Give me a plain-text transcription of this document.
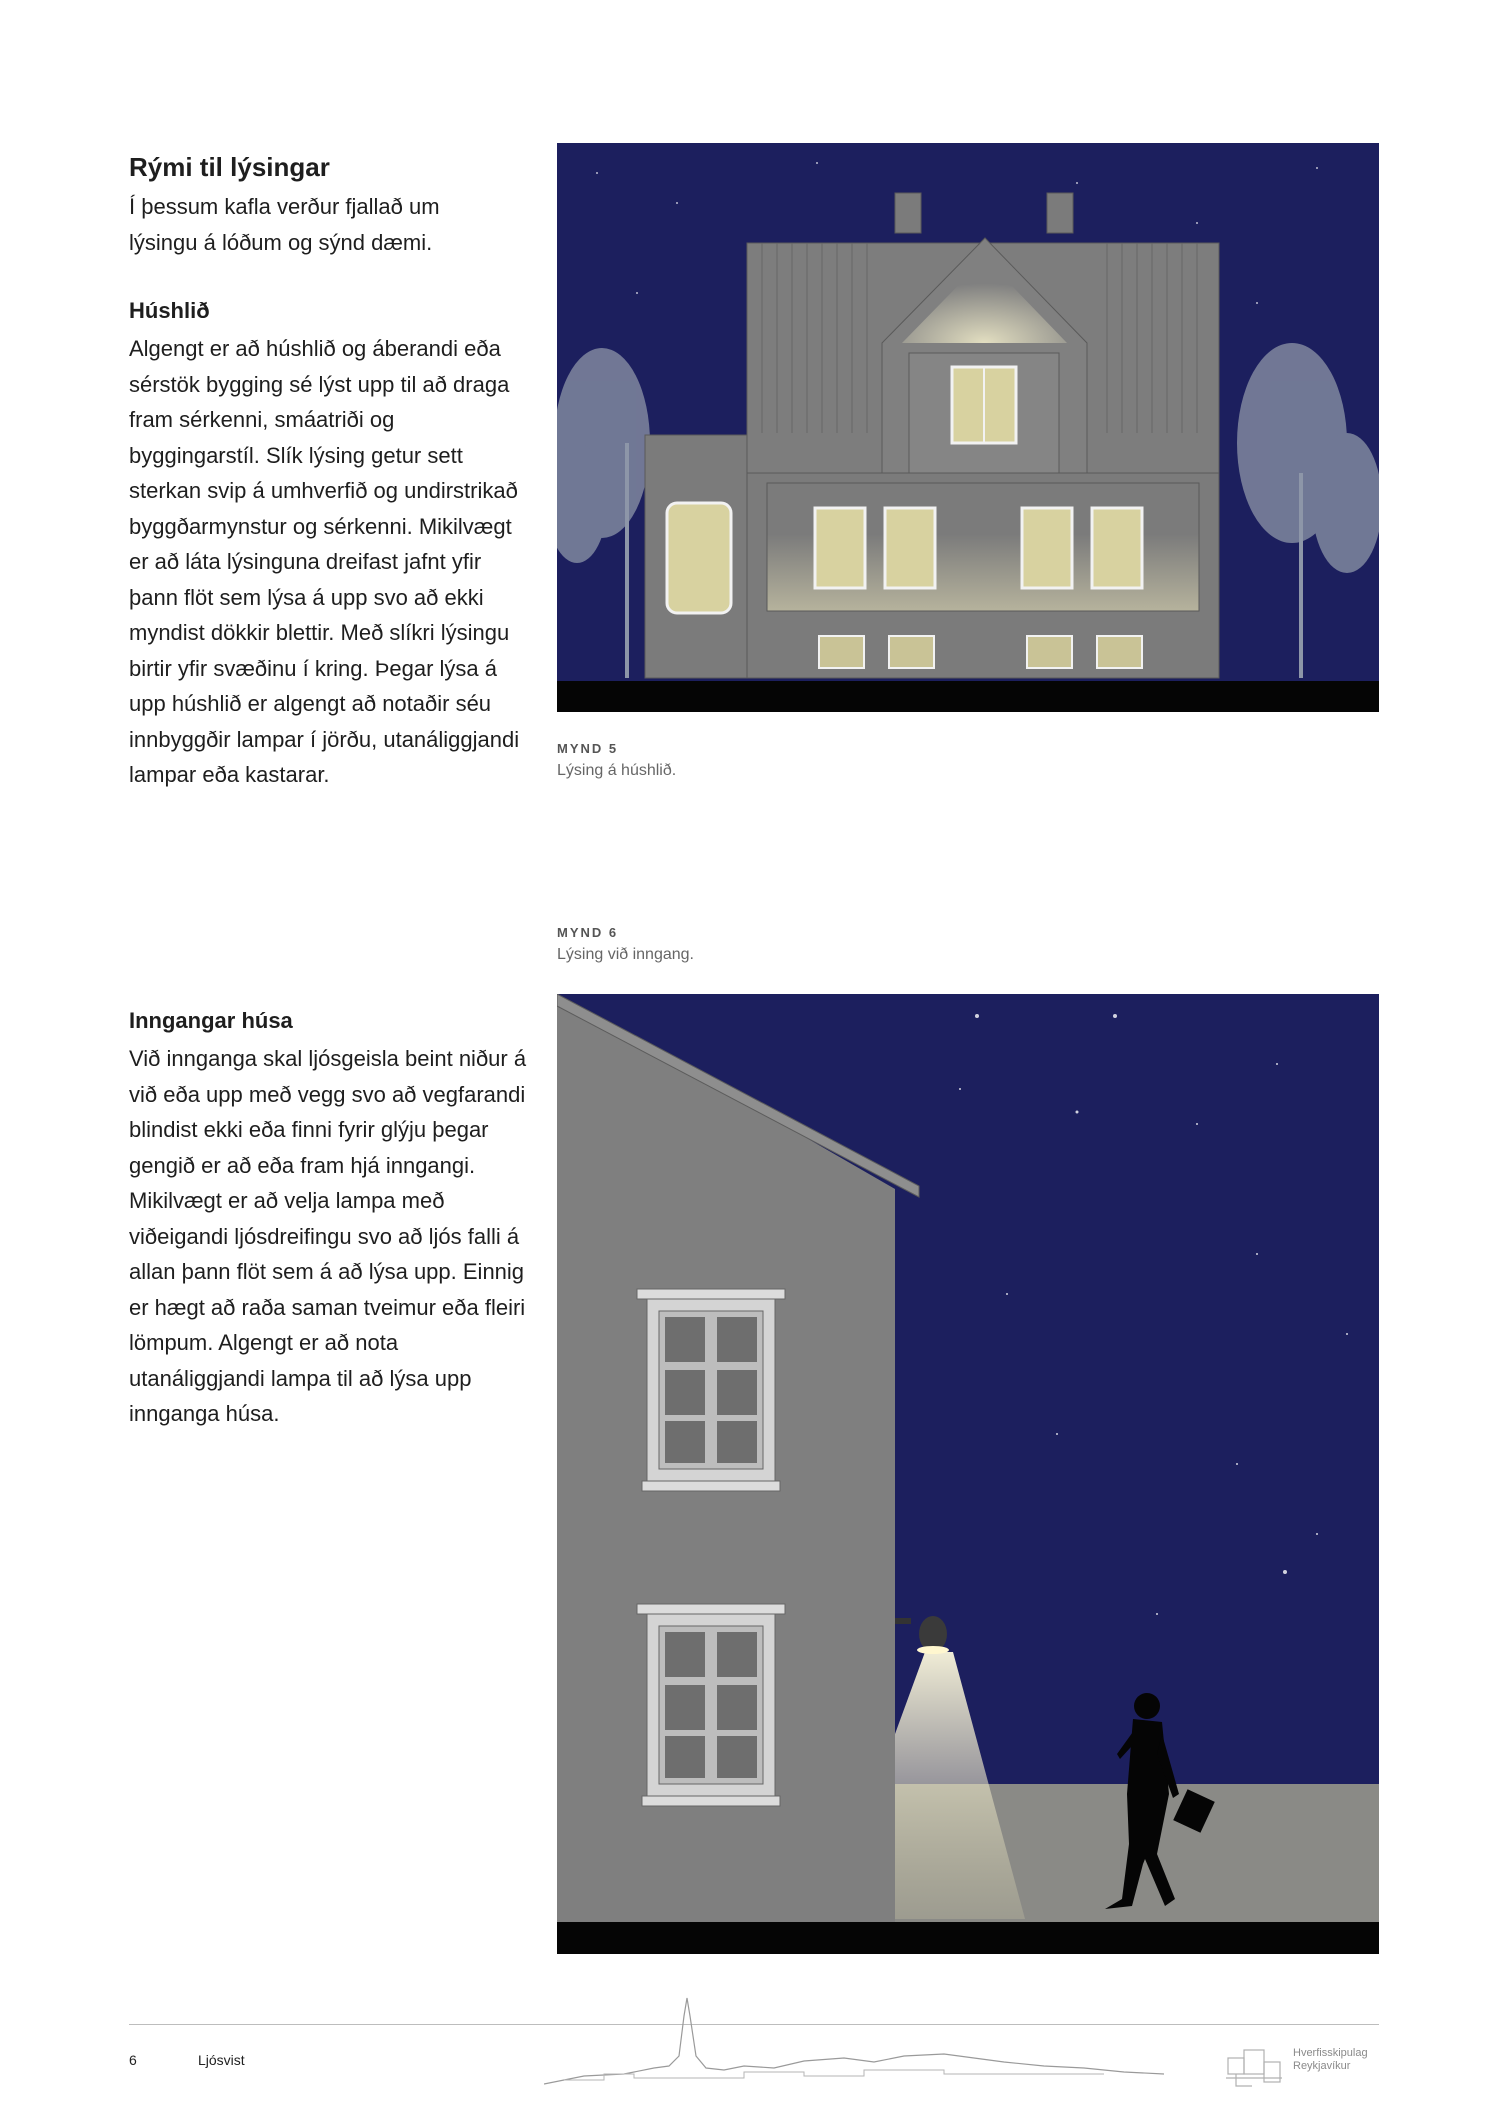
Rými til lýsingar
Í þessum kafla verður fjallað um lýsingu á lóðum og sýnd dæmi.
Húshlið
Algengt er að húshlið og áberandi eða sérstök bygging sé lýst upp til að draga fram sérkenni, smáatriði og byggingarstíl. Slík lýsing getur sett sterkan svip á umhverfið og undirstrikað byggðarmynstur og sérkenni. Mikilvægt er að láta lýsinguna dreifast jafnt yfir þann flöt sem lýsa á upp svo að ekki myndist dökkir blettir. Með slíkri lýsingu birtir yfir svæðinu í kring. Þegar lýsa á upp húshlið er algengt að notaðir séu innbyggðir lampar í jörðu, utanáliggjandi lampar eða kastarar.
Inngangar húsa
Við innganga skal ljósgeisla beint niður á við eða upp með vegg svo að vegfarandi blindist ekki eða finni fyrir glýju þegar gengið er að eða fram hjá inngangi. Mikilvægt er að velja lampa með viðeigandi ljósdreifingu svo að ljós falli á allan þann flöt sem á að lýsa upp. Einnig er hægt að raða saman tveimur eða fleiri lömpum. Algengt er að nota utanáliggjandi lampa til að lýsa upp innganga húsa.
MYND 5
Lýsing á húshlið.
MYND 6
Lýsing við inngang.
6	Ljósvist	Hverfisskipulag
Reykjavíkur
